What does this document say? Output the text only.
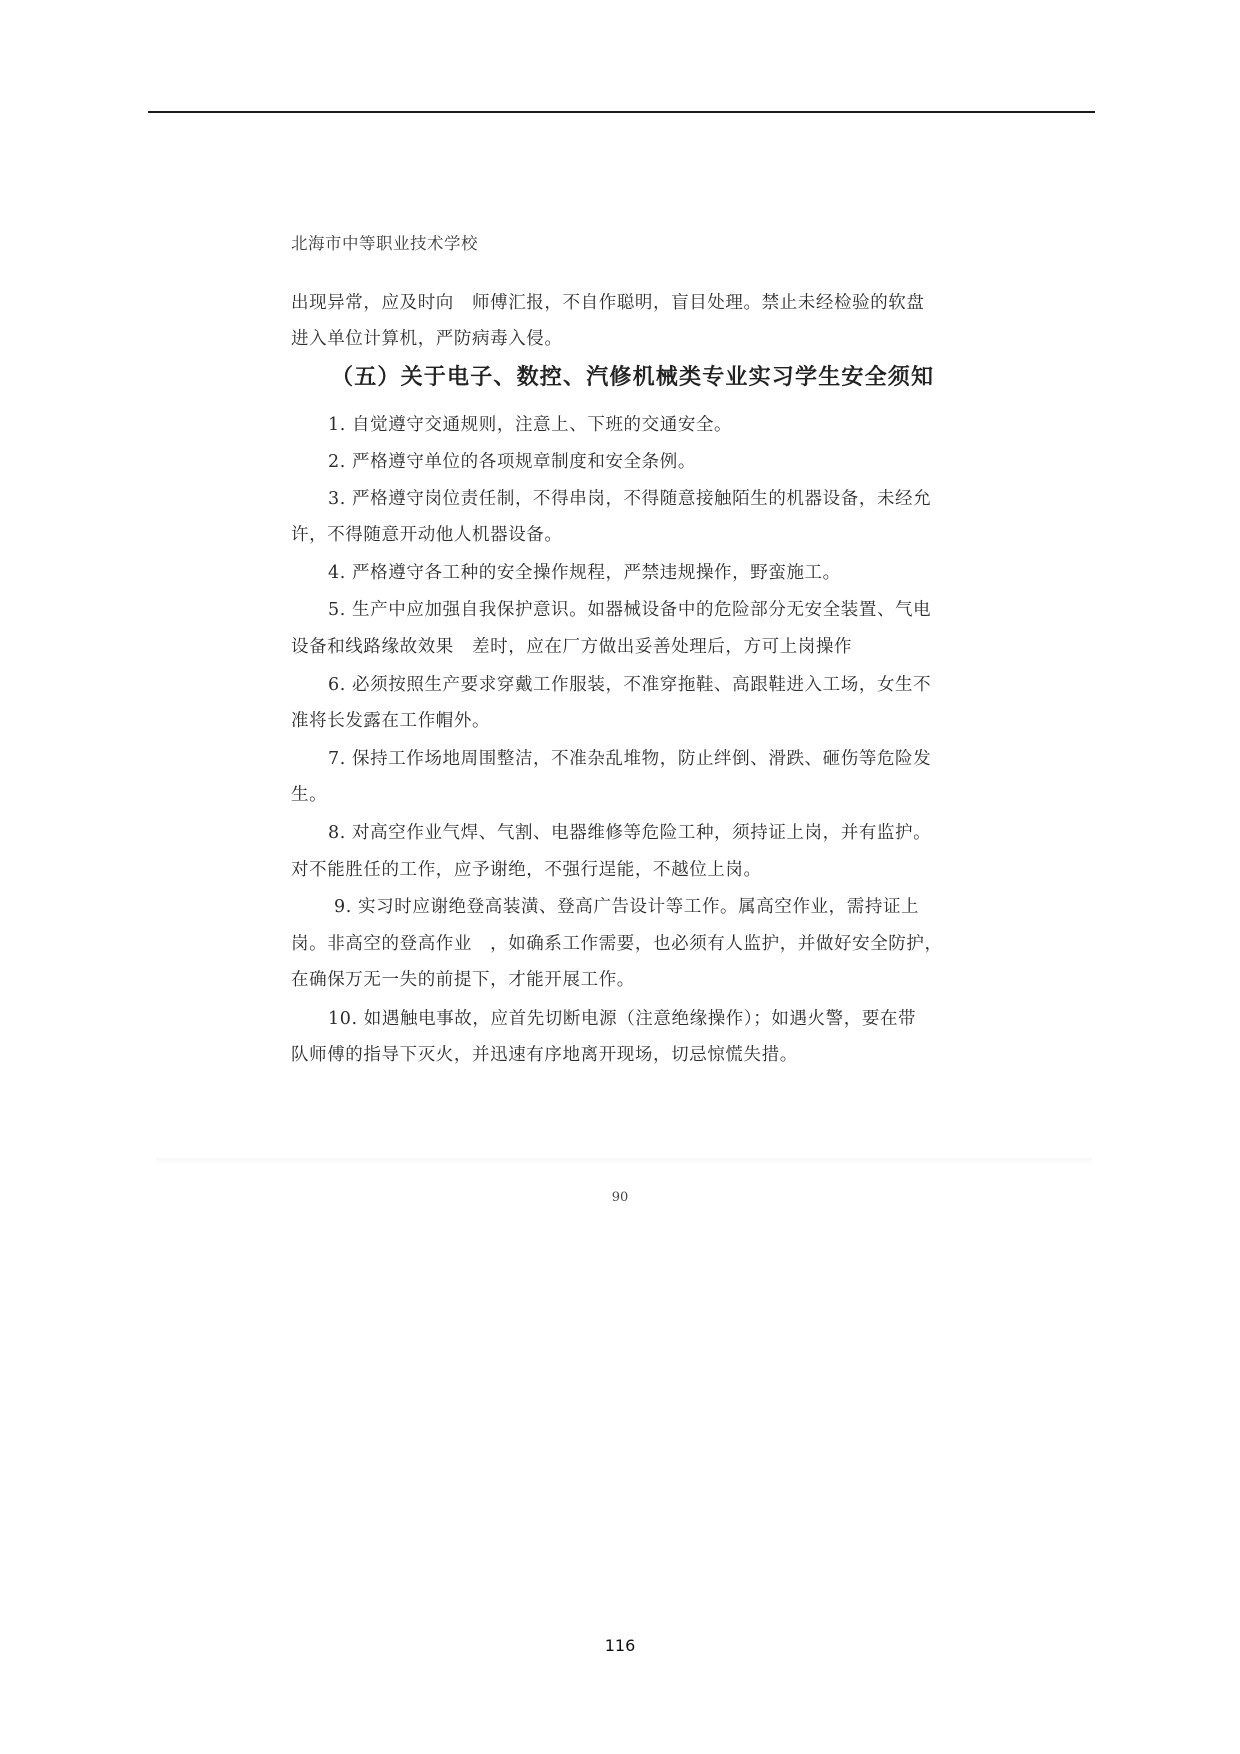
北海市中等职业技术学校
出现异常，应及时向　师傅汇报，不自作聪明，盲目处理。禁止未经检验的软盘
进入单位计算机，严防病毒入侵。
（五）关于电子、数控、汽修机械类专业实习学生安全须知
1. 自觉遵守交通规则，注意上、下班的交通安全。
2. 严格遵守单位的各项规章制度和安全条例。
3. 严格遵守岗位责任制，不得串岗，不得随意接触陌生的机器设备，未经允
许，不得随意开动他人机器设备。
4. 严格遵守各工种的安全操作规程，严禁违规操作，野蛮施工。
5. 生产中应加强自我保护意识。如器械设备中的危险部分无安全装置、气电
设备和线路缘故效果　差时，应在厂方做出妥善处理后，方可上岗操作
6. 必须按照生产要求穿戴工作服装，不准穿拖鞋、高跟鞋进入工场，女生不
准将长发露在工作帽外。
7. 保持工作场地周围整洁，不准杂乱堆物，防止绊倒、滑跌、砸伤等危险发
生。
8. 对高空作业气焊、气割、电器维修等危险工种，须持证上岗，并有监护。
对不能胜任的工作，应予谢绝，不强行逞能，不越位上岗。
9. 实习时应谢绝登高装潢、登高广告设计等工作。属高空作业，需持证上
岗。非高空的登高作业　，如确系工作需要，也必须有人监护，并做好安全防护，
在确保万无一失的前提下，才能开展工作。
10. 如遇触电事故，应首先切断电源（注意绝缘操作）；如遇火警，要在带
队师傅的指导下灭火，并迅速有序地离开现场，切忌惊慌失措。
90
116
